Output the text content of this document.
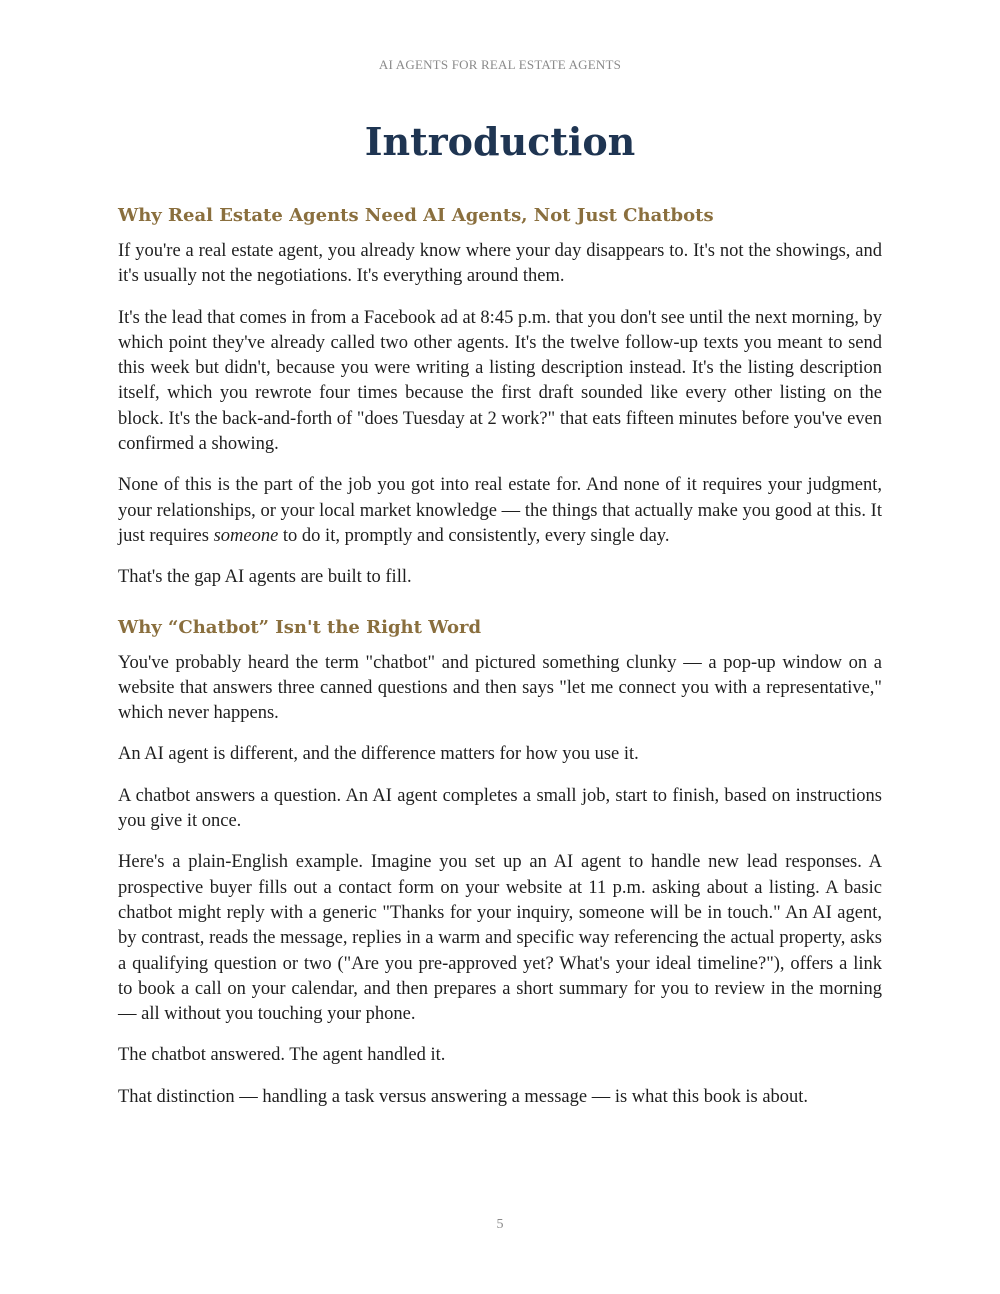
AI AGENTS FOR REAL ESTATE AGENTS
Introduction
Why Real Estate Agents Need AI Agents, Not Just Chatbots

If you're a real estate agent, you already know where your day disappears to. It's not the showings, and it's usually not the negotiations. It's everything around them.

It's the lead that comes in from a Facebook ad at 8:45 p.m. that you don't see until the next morning, by which point they've already called two other agents. It's the twelve follow-up texts you meant to send this week but didn't, because you were writing a listing description instead. It's the listing description itself, which you rewrote four times because the first draft sounded like every other listing on the block. It's the back-and-forth of "does Tuesday at 2 work?" that eats fifteen minutes before you've even confirmed a showing.

None of this is the part of the job you got into real estate for. And none of it requires your judgment, your relationships, or your local market knowledge — the things that actually make you good at this. It just requires someone to do it, promptly and consistently, every single day.

That's the gap AI agents are built to fill.

Why “Chatbot” Isn't the Right Word

You've probably heard the term "chatbot" and pictured something clunky — a pop-up window on a website that answers three canned questions and then says "let me connect you with a representative," which never happens.

An AI agent is different, and the difference matters for how you use it.

A chatbot answers a question. An AI agent completes a small job, start to finish, based on instructions you give it once.

Here's a plain-English example. Imagine you set up an AI agent to handle new lead responses. A prospective buyer fills out a contact form on your website at 11 p.m. asking about a listing. A basic chatbot might reply with a generic "Thanks for your inquiry, someone will be in touch." An AI agent, by contrast, reads the message, replies in a warm and specific way referencing the actual property, asks a qualifying question or two ("Are you pre-approved yet? What's your ideal timeline?"), offers a link to book a call on your calendar, and then prepares a short summary for you to review in the morning — all without you touching your phone.

The chatbot answered. The agent handled it.

That distinction — handling a task versus answering a message — is what this book is about.

5
